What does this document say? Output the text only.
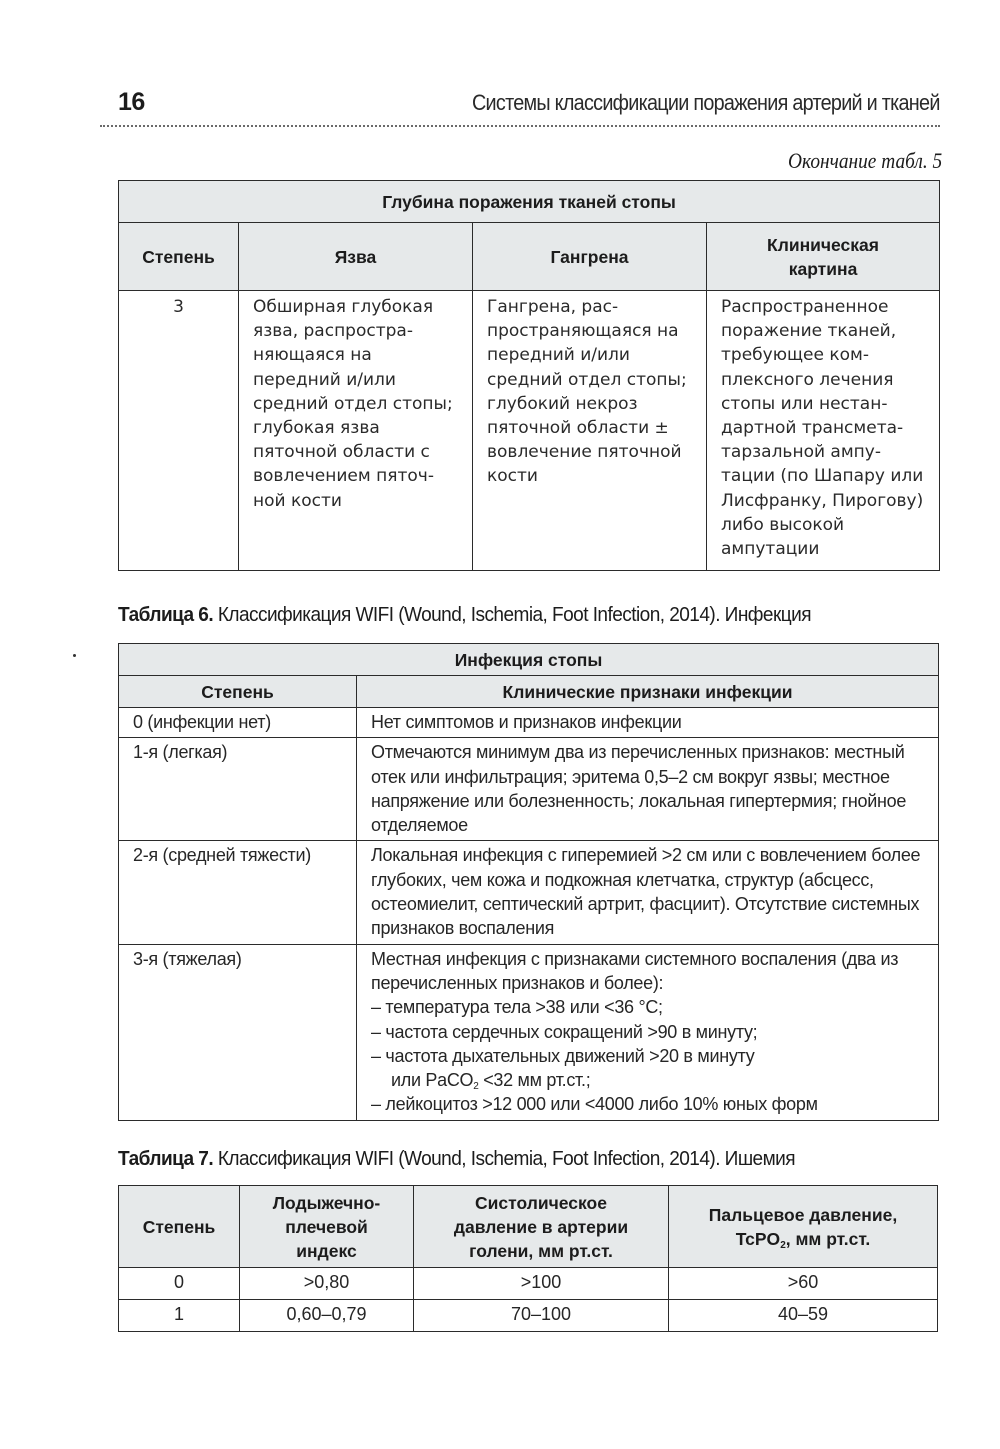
16	Системы классификации поражения артерий и тканей
Окончание табл. 5
Глубина поражения тканей стопы			
Степень	Язва	Гангрена	Клиническая картина
3	Обширная глубокая язва, распространяющаяся на передний и/или средний отдел стопы; глубокая язва пяточной области с вовлечением пяточной кости	Гангрена, распространяющаяся на передний и/или средний отдел стопы; глубокий некроз пяточной области ± вовлечение пяточной кости	Распространенное поражение тканей, требующее комплексного лечения стопы или нестандартной трансметатарзальной ампутации (по Шапару или Лисфранку, Пирогову) либо высокой ампутации
Таблица 6. Классификация WIFI (Wound, Ischemia, Foot Infection, 2014). Инфекция
Инфекция стопы	
Степень	Клинические признаки инфекции
0 (инфекции нет)	Нет симптомов и признаков инфекции
1-я (легкая)	Отмечаются минимум два из перечисленных признаков: местный отек или инфильтрация; эритема 0,5–2 см вокруг язвы; местное напряжение или болезненность; локальная гипертермия; гнойное отделяемое
2-я (средней тяжести)	Локальная инфекция с гиперемией >2 см или с вовлечением более глубоких, чем кожа и подкожная клетчатка, структур (абсцесс, остеомиелит, септический артрит, фасциит). Отсутствие системных признаков воспаления
3-я (тяжелая)	Местная инфекция с признаками системного воспаления (два из перечисленных признаков и более):
– температура тела >38 или <36 °C;
– частота сердечных сокращений >90 в минуту;
– частота дыхательных движений >20 в минуту
или PaCO$_2$ <32 мм рт.ст.;
– лейкоцитоз >12 000 или <4000 либо 10% юных форм
Таблица 7. Классификация WIFI (Wound, Ischemia, Foot Infection, 2014). Ишемия
Степень	Лодыжечно-плечевой индекс	Систолическое давление в артерии голени, мм рт.ст.	Пальцевое давление, TcPO$_2$, мм рт.ст.
0	>0,80	>100	>60
1	0,60–0,79	70–100	40–59
